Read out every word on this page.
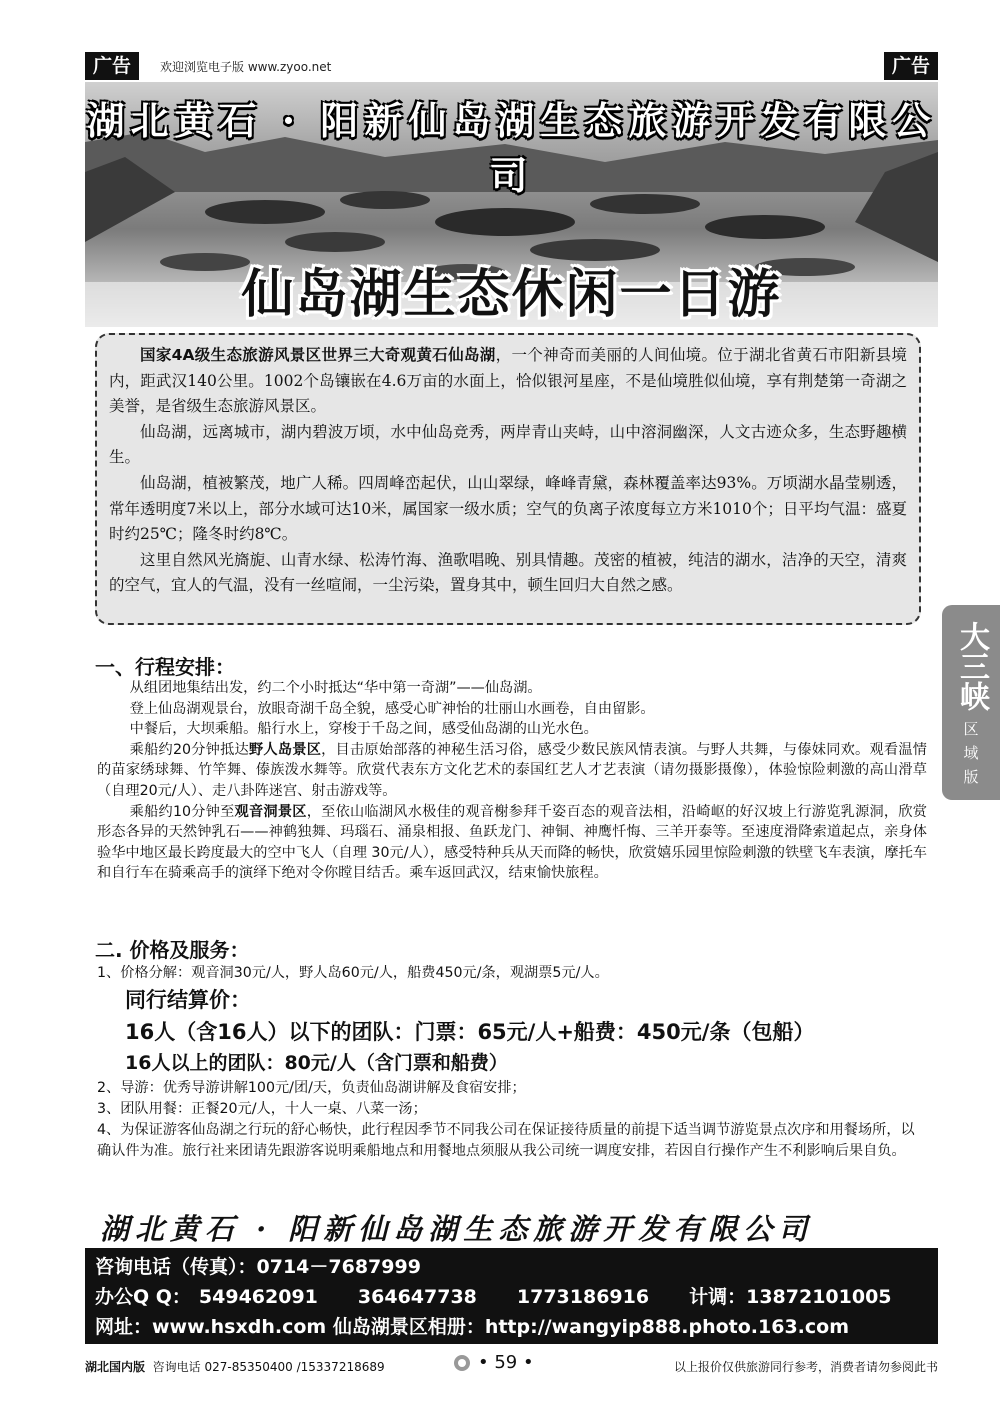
广告	欢迎浏览电子版 www.zyoo.net	广告
湖北黄石 · 阳新仙岛湖生态旅游开发有限公司
仙岛湖生态休闲一日游

国家4A级生态旅游风景区世界三大奇观黄石仙岛湖，一个神奇而美丽的人间仙境。位于湖北省黄石市阳新县境内，距武汉140公里。1002个岛镶嵌在4.6万亩的水面上，恰似银河星座，不是仙境胜似仙境，享有荆楚第一奇湖之美誉，是省级生态旅游风景区。

仙岛湖，远离城市，湖内碧波万顷，水中仙岛竞秀，两岸青山夹峙，山中溶洞幽深，人文古迹众多，生态野趣横生。

仙岛湖，植被繁茂，地广人稀。四周峰峦起伏，山山翠绿，峰峰青黛，森林覆盖率达93%。万顷湖水晶莹剔透，常年透明度7米以上，部分水域可达10米，属国家一级水质；空气的负离子浓度每立方米1010个；日平均气温：盛夏时约25℃；隆冬时约8℃。

这里自然风光旖旎、山青水绿、松涛竹海、渔歌唱晚、别具情趣。茂密的植被，纯洁的湖水，洁净的天空，清爽的空气，宜人的气温，没有一丝喧闹，一尘污染，置身其中，顿生回归大自然之感。

一、行程安排：

从组团地集结出发，约二个小时抵达“华中第一奇湖”——仙岛湖。

登上仙岛湖观景台，放眼奇湖千岛全貌，感受心旷神怡的壮丽山水画卷，自由留影。

中餐后，大坝乘船。船行水上，穿梭于千岛之间，感受仙岛湖的山光水色。

乘船约20分钟抵达野人岛景区，目击原始部落的神秘生活习俗，感受少数民族风情表演。与野人共舞，与傣妹同欢。观看温情的苗家绣球舞、竹竿舞、傣族泼水舞等。欣赏代表东方文化艺术的泰国红艺人才艺表演（请勿摄影摄像），体验惊险刺激的高山滑草（自理20元/人）、走八卦阵迷宫、射击游戏等。

乘船约10分钟至观音洞景区，至依山临湖风水极佳的观音榭参拜千姿百态的观音法相，沿崎岖的好汉坡上行游览乳源洞，欣赏形态各异的天然钟乳石——神鹤独舞、玛瑙石、涌泉相报、鱼跃龙门、神铜、神鹰忏悔、三羊开泰等。至速度滑降索道起点，亲身体验华中地区最长跨度最大的空中飞人（自理 30元/人），感受特种兵从天而降的畅快，欣赏嬉乐园里惊险刺激的铁壁飞车表演，摩托车和自行车在骑乘高手的演绎下绝对令你瞠目结舌。乘车返回武汉，结束愉快旅程。

二. 价格及服务：

1、价格分解：观音洞30元/人，野人岛60元/人，船费450元/条，观湖票5元/人。

同行结算价：

16人（含16人）以下的团队：门票：65元/人+船费：450元/条（包船）

16人以上的团队：80元/人（含门票和船费）

2、导游：优秀导游讲解100元/团/天，负责仙岛湖讲解及食宿安排；

3、团队用餐：正餐20元/人，十人一桌、八菜一汤；

4、为保证游客仙岛湖之行玩的舒心畅快，此行程因季节不同我公司在保证接待质量的前提下适当调节游览景点次序和用餐场所，以确认件为准。旅行社来团请先跟游客说明乘船地点和用餐地点须服从我公司统一调度安排，若因自行操作产生不利影响后果自负。

湖北黄石 · 阳新仙岛湖生态旅游开发有限公司
咨询电话（传真）：0714－7687999
办公Q Q： 549462091 364647738 1773186916 计调：13872101005
网址：www.hsxdh.com 仙岛湖景区相册：http://wangyip888.photo.163.com
大三峡
区
域
版
湖北国内版 咨询电话 027-85350400 /15337218689	• 59 •	以上报价仅供旅游同行参考，消费者请勿参阅此书
